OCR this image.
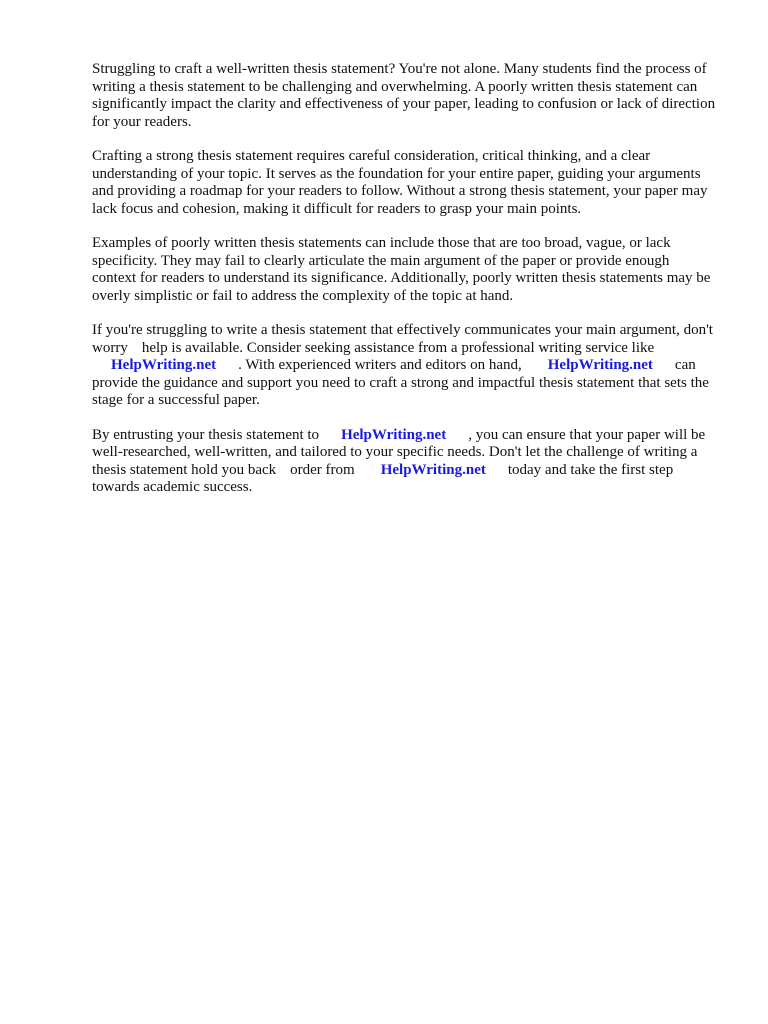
Struggling to craft a well-written thesis statement? You're not alone. Many students find the process of writing a thesis statement to be challenging and overwhelming. A poorly written thesis statement can significantly impact the clarity and effectiveness of your paper, leading to confusion or lack of direction for your readers.

Crafting a strong thesis statement requires careful consideration, critical thinking, and a clear understanding of your topic. It serves as the foundation for your entire paper, guiding your arguments and providing a roadmap for your readers to follow. Without a strong thesis statement, your paper may lack focus and cohesion, making it difficult for readers to grasp your main points.

Examples of poorly written thesis statements can include those that are too broad, vague, or lack specificity. They may fail to clearly articulate the main argument of the paper or provide enough context for readers to understand its significance. Additionally, poorly written thesis statements may be overly simplistic or fail to address the complexity of the topic at hand.

If you're struggling to write a thesis statement that effectively communicates your main argument, don't worry help is available. Consider seeking assistance from a professional writing service like
HelpWriting.net . With experienced writers and editors on hand, HelpWriting.net can provide the guidance and support you need to craft a strong and impactful thesis statement that sets the stage for a successful paper.

By entrusting your thesis statement to HelpWriting.net , you can ensure that your paper will be well-researched, well-written, and tailored to your specific needs. Don't let the challenge of writing a thesis statement hold you back order from HelpWriting.net today and take the first step towards academic success.
